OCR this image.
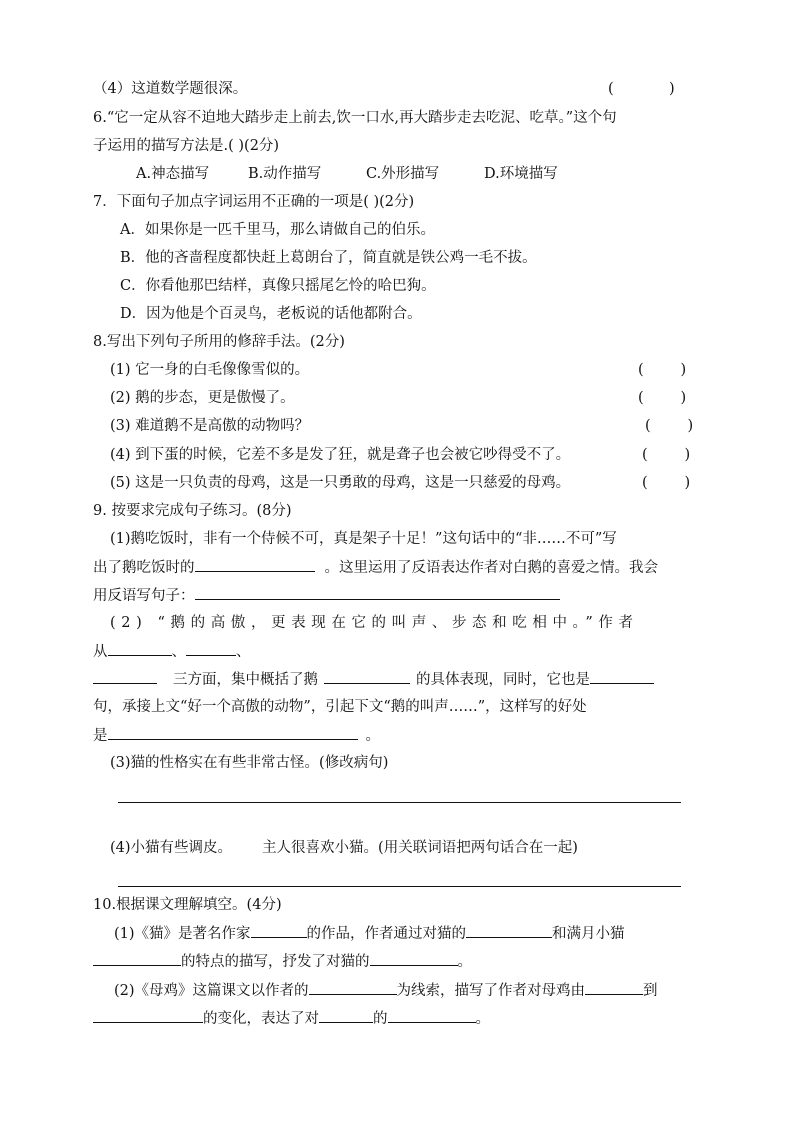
（4）这道数学题很深。	(            )
6.“它一定从容不迫地大踏步走上前去,饮一口水,再大踏步走去吃泥、吃草。”这个句
子运用的描写方法是.( )(2分)
A.神态描写	B.动作描写	C.外形描写	D.环境描写
7．下面句子加点字词运用不正确的一项是( )(2分)
A．如果你是一匹千里马，那么请做自己的伯乐。
B．他的吝啬程度都快赶上葛朗台了，简直就是铁公鸡一毛不拔。
C．你看他那巴结样，真像只摇尾乞怜的哈巴狗。
D．因为他是个百灵鸟，老板说的话他都附合。
8.写出下列句子所用的修辞手法。(2分)
(1) 它一身的白毛像像雪似的。	(        )
(2) 鹅的步态，更是傲慢了。	(        )
(3) 难道鹅不是高傲的动物吗？	(        )
(4) 到下蛋的时候，它差不多是发了狂，就是聋子也会被它吵得受不了。	(        )
(5) 这是一只负责的母鸡，这是一只勇敢的母鸡，这是一只慈爱的母鸡。	(        )
9. 按要求完成句子练习。(8分)
(1)鹅吃饭时，非有一个侍候不可，真是架子十足！”这句话中的“非……不可”写
出了鹅吃饭时的	。这里运用了反语表达作者对白鹅的喜爱之情。我会
用反语写句子：
(2) “鹅的高傲，更表现在它的叫声、步态和吃相中。”作者
从	、	、
三方面，集中概括了鹅	的具体表现，同时，它也是
句，承接上文“好一个高傲的动物”，引起下文“鹅的叫声……”，这样写的好处
是	。
(3)猫的性格实在有些非常古怪。(修改病句)
(4)小猫有些调皮。 主人很喜欢小猫。(用关联词语把两句话合在一起)
10.根据课文理解填空。(4分)
(1)《猫》是著名作家	的作品，作者通过对猫的	和满月小猫
的特点的描写，抒发了对猫的	。
(2)《母鸡》这篇课文以作者的	为线索，描写了作者对母鸡由	到
的变化，表达了对	的	。
